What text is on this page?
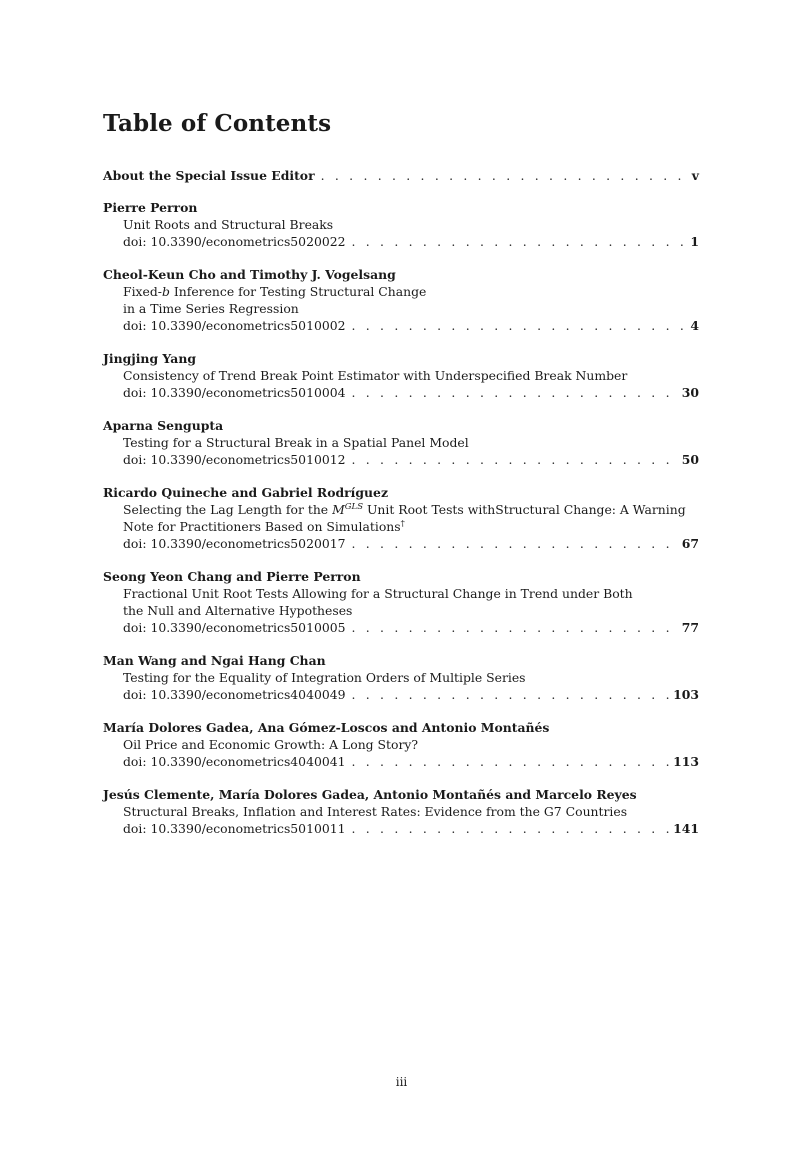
Table of Contents
About the Special Issue Editor . . .	v
Pierre Perron
Unit Roots and Structural Breaks
doi: 10.3390/econometrics5020022 . . .	1
Cheol-Keun Cho and Timothy J. Vogelsang
Fixed-b Inference for Testing Structural Change
in a Time Series Regression
doi: 10.3390/econometrics5010002 . . .	4
Jingjing Yang
Consistency of Trend Break Point Estimator with Underspecified Break Number
doi: 10.3390/econometrics5010004 . . .	30
Aparna Sengupta
Testing for a Structural Break in a Spatial Panel Model
doi: 10.3390/econometrics5010012 . . .	50
Ricardo Quineche and Gabriel Rodríguez
Selecting the Lag Length for the $M^{GLS}$ Unit Root Tests withStructural Change: A Warning
Note for Practitioners Based on Simulations†
doi: 10.3390/econometrics5020017 . . .	67
Seong Yeon Chang and Pierre Perron
Fractional Unit Root Tests Allowing for a Structural Change in Trend under Both
the Null and Alternative Hypotheses
doi: 10.3390/econometrics5010005 . . .	77
Man Wang and Ngai Hang Chan
Testing for the Equality of Integration Orders of Multiple Series
doi: 10.3390/econometrics4040049 . . .	103
María Dolores Gadea, Ana Gómez-Loscos and Antonio Montañés
Oil Price and Economic Growth: A Long Story?
doi: 10.3390/econometrics4040041 . . .	113
Jesús Clemente, María Dolores Gadea, Antonio Montañés and Marcelo Reyes
Structural Breaks, Inflation and Interest Rates: Evidence from the G7 Countries
doi: 10.3390/econometrics5010011 . . .	141
iii
